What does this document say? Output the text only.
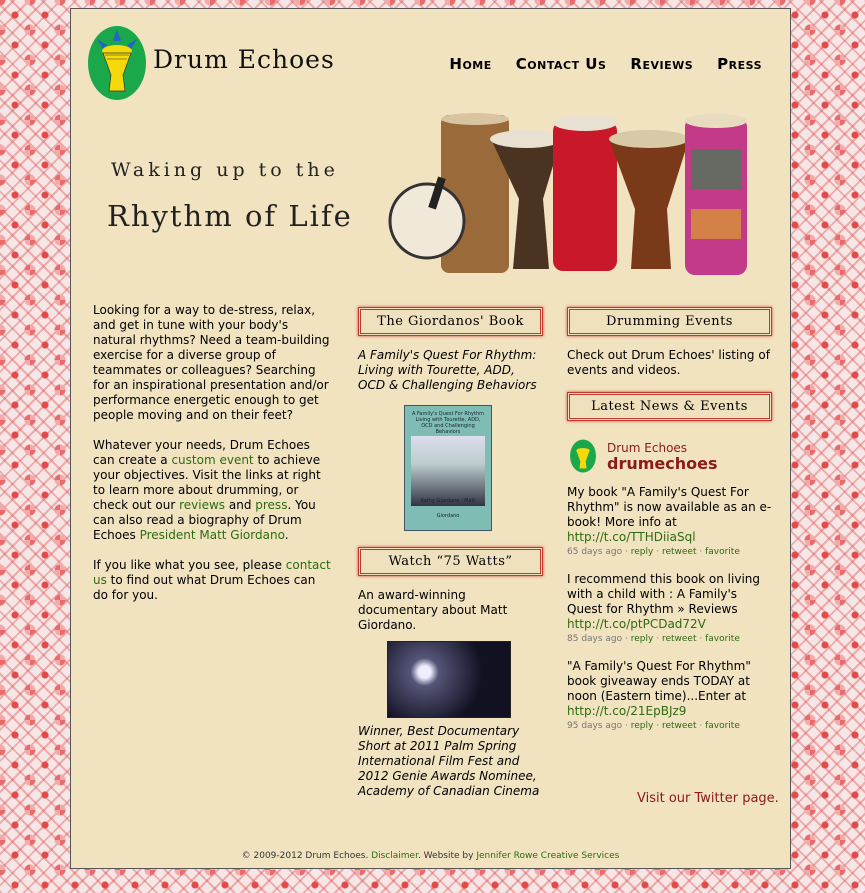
Drum Echoes	Home Contact Us Reviews Press
Waking up to the
Rhythm of Life

Looking for a way to de-stress, relax, and get in tune with your body's natural rhythms? Need a team-building exercise for a diverse group of teammates or colleagues? Searching for an inspirational presentation and/or performance energetic enough to get people moving and on their feet?

Whatever your needs, Drum Echoes can create a custom event to achieve your objectives. Visit the links at right to learn more about drumming, or check out our reviews and press. You can also read a biography of Drum Echoes President Matt Giordano.

If you like what you see, please contact us to find out what Drum Echoes can do for you.

The Giordanos' Book
A Family's Quest For Rhythm: Living with Tourette, ADD, OCD & Challenging Behaviors
A Family's Quest For Rhythm
Living with Tourette, ADD, OCD and Challenging Behaviors
Kathy Giordano · Matt Giordano
Watch “75 Watts”
An award-winning documentary about Matt Giordano.
Winner, Best Documentary Short at 2011 Palm Spring International Film Fest and 2012 Genie Awards Nominee, Academy of Canadian Cinema
Drumming Events
Check out Drum Echoes' listing of events and videos.
Latest News & Events
Drum Echoes
drumechoes
My book "A Family's Quest For Rhythm" is now available as an e-book! More info at http://t.co/TTHDiiaSql
65 days ago · reply · retweet · favorite
I recommend this book on living with a child with : A Family's Quest for Rhythm » Reviews http://t.co/ptPCDad72V
85 days ago · reply · retweet · favorite
"A Family's Quest For Rhythm" book giveaway ends TODAY at noon (Eastern time)...Enter at http://t.co/21EpBJz9
95 days ago · reply · retweet · favorite
Visit our Twitter page.
© 2009-2012 Drum Echoes. Disclaimer. Website by Jennifer Rowe Creative Services
